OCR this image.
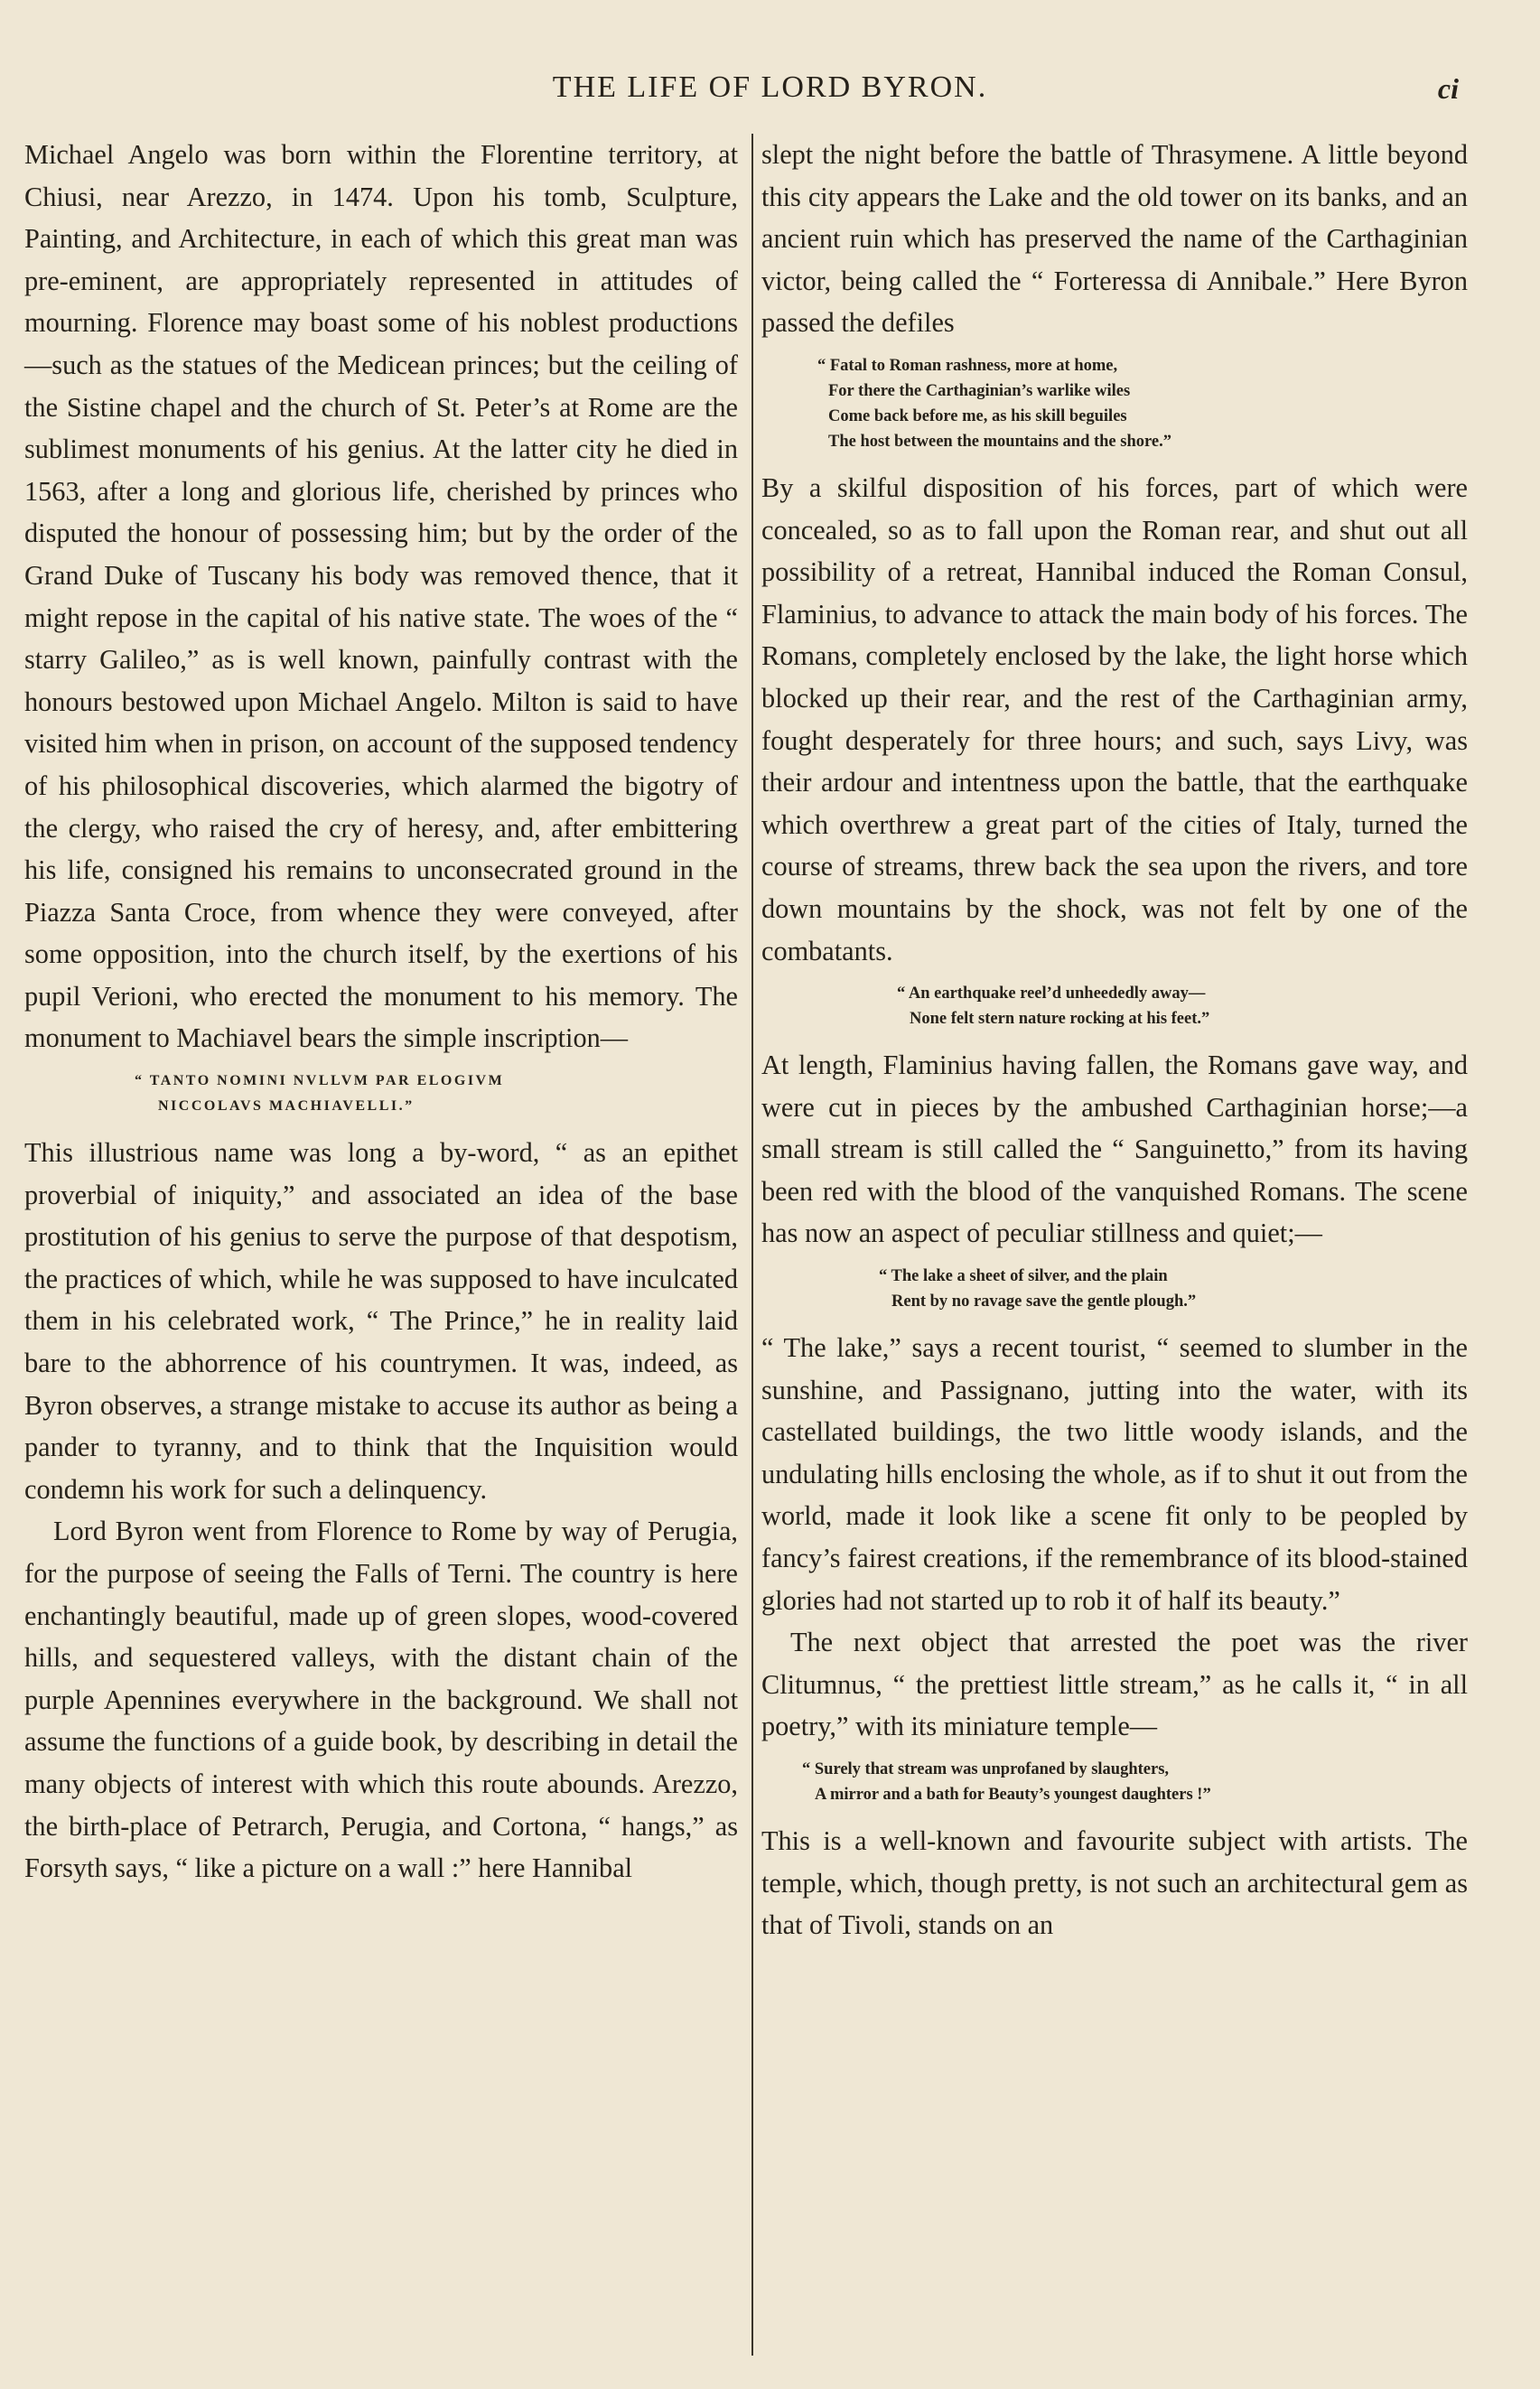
THE LIFE OF LORD BYRON.	ci

Michael Angelo was born within the Florentine territory, at Chiusi, near Arezzo, in 1474. Upon his tomb, Sculpture, Painting, and Architecture, in each of which this great man was pre-eminent, are appropriately represented in attitudes of mourning. Florence may boast some of his noblest productions—such as the statues of the Medicean princes; but the ceiling of the Sistine chapel and the church of St. Peter’s at Rome are the sublimest monuments of his genius. At the latter city he died in 1563, after a long and glorious life, cherished by princes who disputed the honour of possessing him; but by the order of the Grand Duke of Tuscany his body was removed thence, that it might repose in the capital of his native state. The woes of the “ starry Galileo,” as is well known, painfully contrast with the honours bestowed upon Michael Angelo. Milton is said to have visited him when in prison, on account of the supposed tendency of his philosophical discoveries, which alarmed the bigotry of the clergy, who raised the cry of heresy, and, after embittering his life, consigned his remains to unconsecrated ground in the Piazza Santa Croce, from whence they were conveyed, after some opposition, into the church itself, by the exertions of his pupil Verioni, who erected the monument to his memory. The monument to Machiavel bears the simple inscription—

“ TANTO NOMINI NVLLVM PAR ELOGIVM
NICCOLAVS MACHIAVELLI.”

This illustrious name was long a by-word, “ as an epithet proverbial of iniquity,” and associated an idea of the base prostitution of his genius to serve the purpose of that despotism, the practices of which, while he was supposed to have inculcated them in his celebrated work, “ The Prince,” he in reality laid bare to the abhorrence of his countrymen. It was, indeed, as Byron observes, a strange mistake to accuse its author as being a pander to tyranny, and to think that the Inquisition would condemn his work for such a delinquency.

Lord Byron went from Florence to Rome by way of Perugia, for the purpose of seeing the Falls of Terni. The country is here enchantingly beautiful, made up of green slopes, wood-covered hills, and sequestered valleys, with the distant chain of the purple Apennines everywhere in the background. We shall not assume the functions of a guide book, by describing in detail the many objects of interest with which this route abounds. Arezzo, the birth-place of Petrarch, Perugia, and Cortona, “ hangs,” as Forsyth says, “ like a picture on a wall :” here Hannibal

slept the night before the battle of Thrasymene. A little beyond this city appears the Lake and the old tower on its banks, and an ancient ruin which has preserved the name of the Carthaginian victor, being called the “ Forteressa di Annibale.” Here Byron passed the defiles

“ Fatal to Roman rashness, more at home,
For there the Carthaginian’s warlike wiles
Come back before me, as his skill beguiles
The host between the mountains and the shore.”

By a skilful disposition of his forces, part of which were concealed, so as to fall upon the Roman rear, and shut out all possibility of a retreat, Hannibal induced the Roman Consul, Flaminius, to advance to attack the main body of his forces. The Romans, completely enclosed by the lake, the light horse which blocked up their rear, and the rest of the Carthaginian army, fought desperately for three hours; and such, says Livy, was their ardour and intentness upon the battle, that the earthquake which overthrew a great part of the cities of Italy, turned the course of streams, threw back the sea upon the rivers, and tore down mountains by the shock, was not felt by one of the combatants.

“ An earthquake reel’d unheededly away—
None felt stern nature rocking at his feet.”

At length, Flaminius having fallen, the Romans gave way, and were cut in pieces by the ambushed Carthaginian horse;—a small stream is still called the “ Sanguinetto,” from its having been red with the blood of the vanquished Romans. The scene has now an aspect of peculiar stillness and quiet;—

“ The lake a sheet of silver, and the plain
Rent by no ravage save the gentle plough.”

“ The lake,” says a recent tourist, “ seemed to slumber in the sunshine, and Passignano, jutting into the water, with its castellated buildings, the two little woody islands, and the undulating hills enclosing the whole, as if to shut it out from the world, made it look like a scene fit only to be peopled by fancy’s fairest creations, if the remembrance of its blood-stained glories had not started up to rob it of half its beauty.”

The next object that arrested the poet was the river Clitumnus, “ the prettiest little stream,” as he calls it, “ in all poetry,” with its miniature temple—

“ Surely that stream was unprofaned by slaughters,
A mirror and a bath for Beauty’s youngest daughters !”

This is a well-known and favourite subject with artists. The temple, which, though pretty, is not such an architectural gem as that of Tivoli, stands on an
